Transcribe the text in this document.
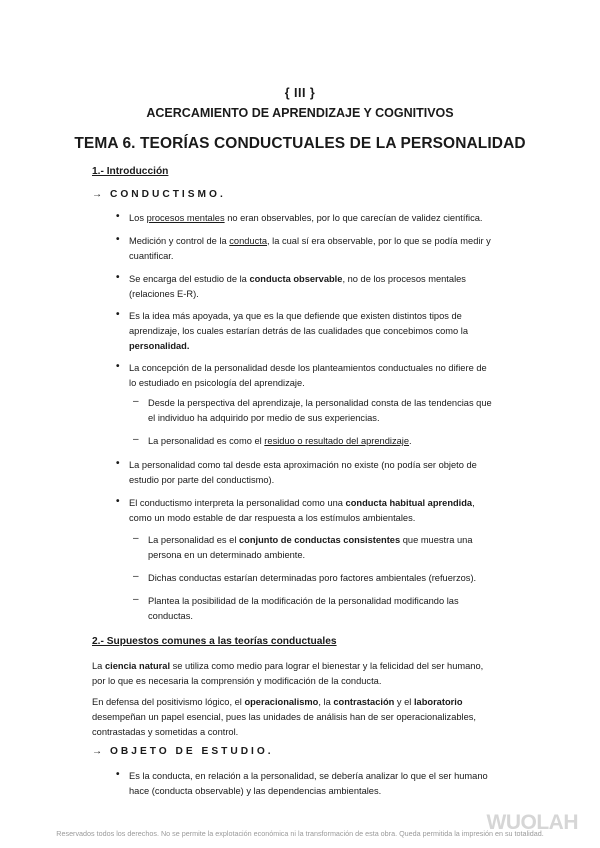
{ III }
ACERCAMIENTO DE APRENDIZAJE Y COGNITIVOS
TEMA 6. TEORÍAS CONDUCTUALES DE LA PERSONALIDAD
1.- Introducción
→ CONDUCTISMO.
• Los procesos mentales no eran observables, por lo que carecían de validez científica.
• Medición y control de la conducta, la cual sí era observable, por lo que se podía medir y
cuantificar.
• Se encarga del estudio de la conducta observable, no de los procesos mentales
(relaciones E-R).
• Es la idea más apoyada, ya que es la que defiende que existen distintos tipos de
aprendizaje, los cuales estarían detrás de las cualidades que concebimos como la
personalidad.
• La concepción de la personalidad desde los planteamientos conductuales no difiere de
lo estudiado en psicología del aprendizaje.
– Desde la perspectiva del aprendizaje, la personalidad consta de las tendencias que
el individuo ha adquirido por medio de sus experiencias.
– La personalidad es como el residuo o resultado del aprendizaje.
• La personalidad como tal desde esta aproximación no existe (no podía ser objeto de
estudio por parte del conductismo).
• El conductismo interpreta la personalidad como una conducta habitual aprendida,
como un modo estable de dar respuesta a los estímulos ambientales.
– La personalidad es el conjunto de conductas consistentes que muestra una
persona en un determinado ambiente.
– Dichas conductas estarían determinadas poro factores ambientales (refuerzos).
– Plantea la posibilidad de la modificación de la personalidad modificando las
conductas.
2.- Supuestos comunes a las teorías conductuales
La ciencia natural se utiliza como medio para lograr el bienestar y la felicidad del ser humano,
por lo que es necesaria la comprensión y modificación de la conducta.
En defensa del positivismo lógico, el operacionalismo, la contrastación y el laboratorio
desempeñan un papel esencial, pues las unidades de análisis han de ser operacionalizables,
contrastadas y sometidas a control.
→ OBJETO DE ESTUDIO.
• Es la conducta, en relación a la personalidad, se debería analizar lo que el ser humano
hace (conducta observable) y las dependencias ambientales.
WUOLAH
Reservados todos los derechos. No se permite la explotación económica ni la transformación de esta obra. Queda permitida la impresión en su totalidad.
